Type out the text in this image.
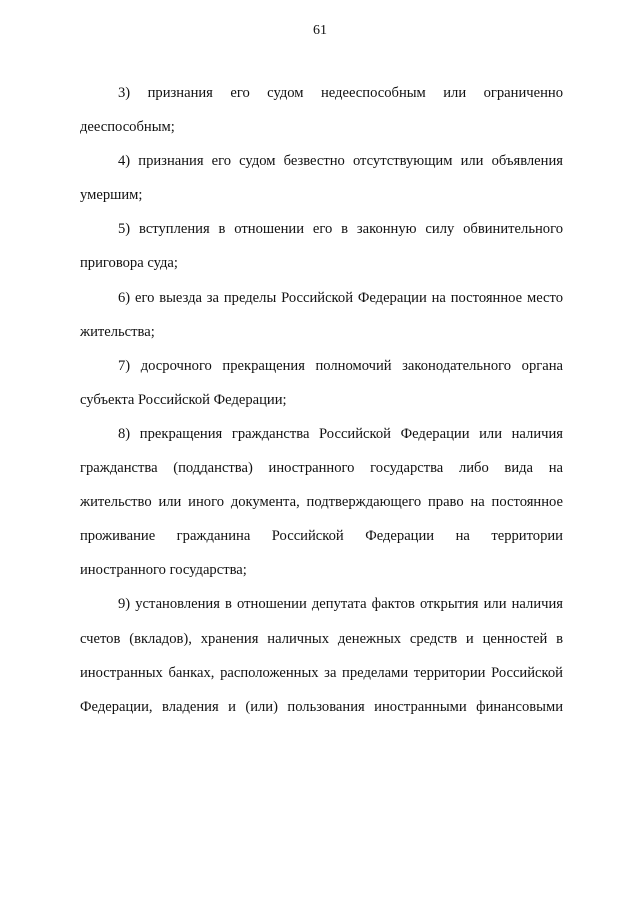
61

3) признания его судом недееспособным или ограниченно дееспособным;

4) признания его судом безвестно отсутствующим или объявления умершим;

5) вступления в отношении его в законную силу обвинительного приговора суда;

6) его выезда за пределы Российской Федерации на постоянное место жительства;

7) досрочного прекращения полномочий законодательного органа субъекта Российской Федерации;

8) прекращения гражданства Российской Федерации или наличия гражданства (подданства) иностранного государства либо вида на жительство или иного документа, подтверждающего право на постоянное проживание гражданина Российской Федерации на территории иностранного государства;

9) установления в отношении депутата фактов открытия или наличия счетов (вкладов), хранения наличных денежных средств и ценностей в иностранных банках, расположенных за пределами территории Российской Федерации, владения и (или) пользования иностранными финансовыми
